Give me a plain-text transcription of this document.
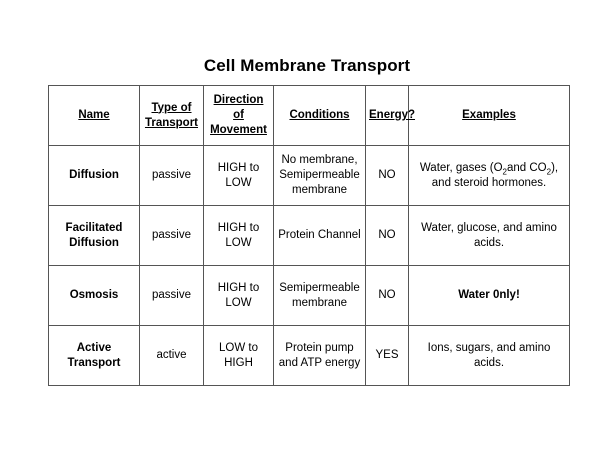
Cell Membrane Transport
Name	Type of Transport	Direction of Movement	Conditions	Energy?	Examples
Diffusion	passive	HIGH to LOW	No membrane, Semipermeable membrane	NO	Water, gases ($O_2and$ $CO_2$), and steroid hormones.
Facilitated Diffusion	passive	HIGH to LOW	Protein Channel	NO	Water, glucose, and amino acids.
Osmosis	passive	HIGH to LOW	Semipermeable membrane	NO	Water 0nly!
Active Transport	active	LOW to HIGH	Protein pump and ATP energy	YES	Ions, sugars, and amino acids.
